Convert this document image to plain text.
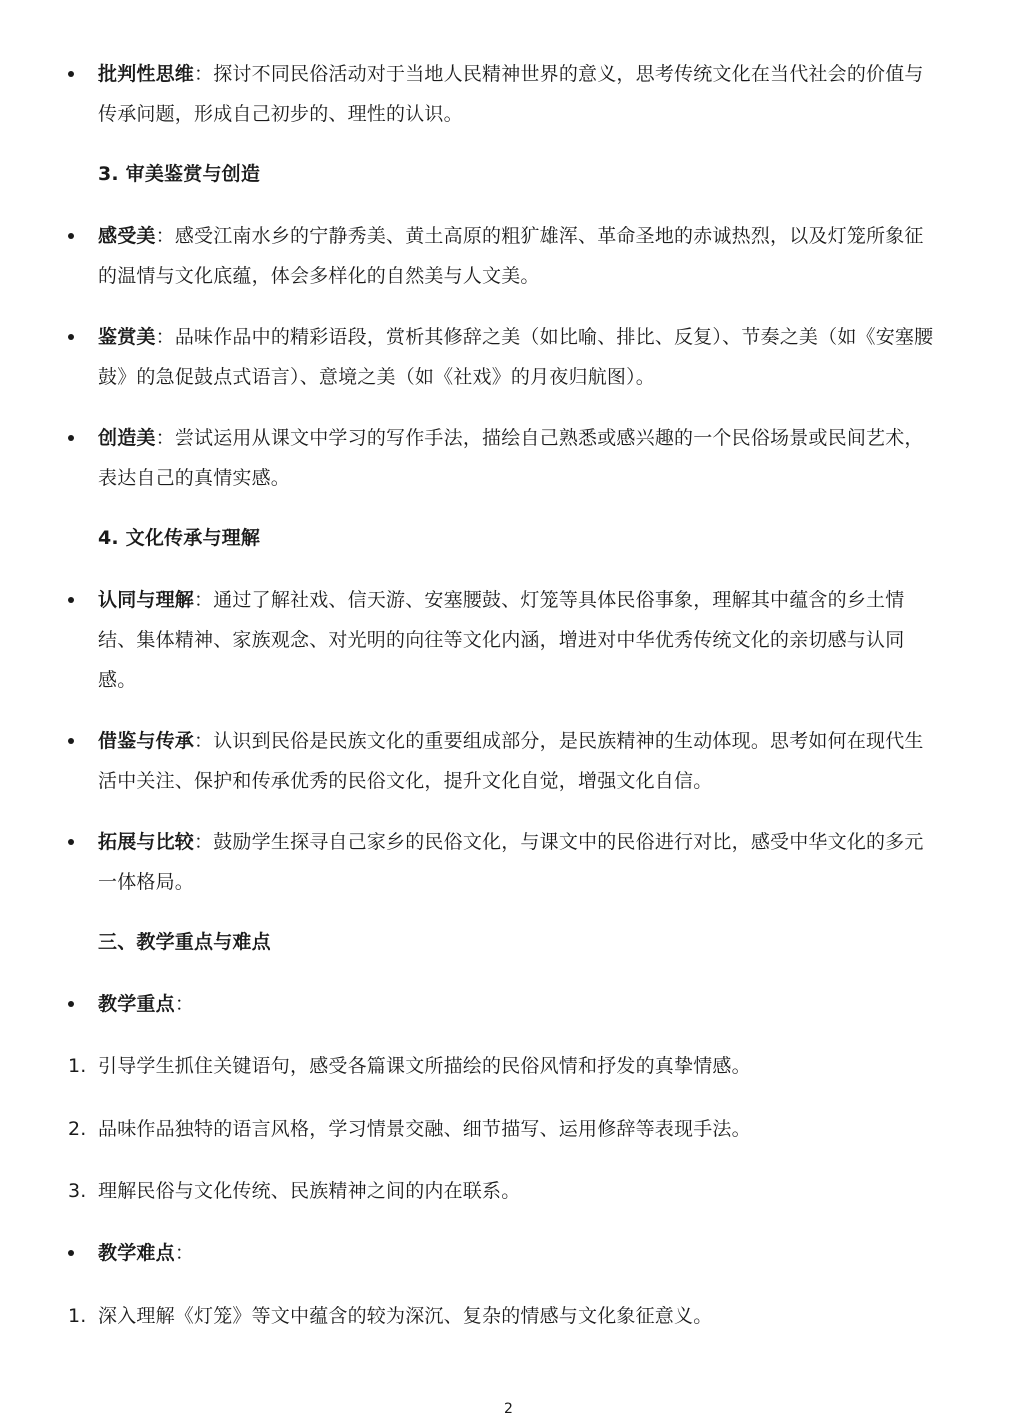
批判性思维：探讨不同民俗活动对于当地人民精神世界的意义，思考传统文化在当代社会的价值与传承问题，形成自己初步的、理性的认识。
3. 审美鉴赏与创造
感受美：感受江南水乡的宁静秀美、黄土高原的粗犷雄浑、革命圣地的赤诚热烈，以及灯笼所象征的温情与文化底蕴，体会多样化的自然美与人文美。
鉴赏美：品味作品中的精彩语段，赏析其修辞之美（如比喻、排比、反复）、节奏之美（如《安塞腰鼓》的急促鼓点式语言）、意境之美（如《社戏》的月夜归航图）。
创造美：尝试运用从课文中学习的写作手法，描绘自己熟悉或感兴趣的一个民俗场景或民间艺术，表达自己的真情实感。
4. 文化传承与理解
认同与理解：通过了解社戏、信天游、安塞腰鼓、灯笼等具体民俗事象，理解其中蕴含的乡土情结、集体精神、家族观念、对光明的向往等文化内涵，增进对中华优秀传统文化的亲切感与认同感。
借鉴与传承：认识到民俗是民族文化的重要组成部分，是民族精神的生动体现。思考如何在现代生活中关注、保护和传承优秀的民俗文化，提升文化自觉，增强文化自信。
拓展与比较：鼓励学生探寻自己家乡的民俗文化，与课文中的民俗进行对比，感受中华文化的多元一体格局。
三、教学重点与难点
教学重点：
1. 引导学生抓住关键语句，感受各篇课文所描绘的民俗风情和抒发的真挚情感。
2. 品味作品独特的语言风格，学习情景交融、细节描写、运用修辞等表现手法。
3. 理解民俗与文化传统、民族精神之间的内在联系。
教学难点：
1. 深入理解《灯笼》等文中蕴含的较为深沉、复杂的情感与文化象征意义。
2
